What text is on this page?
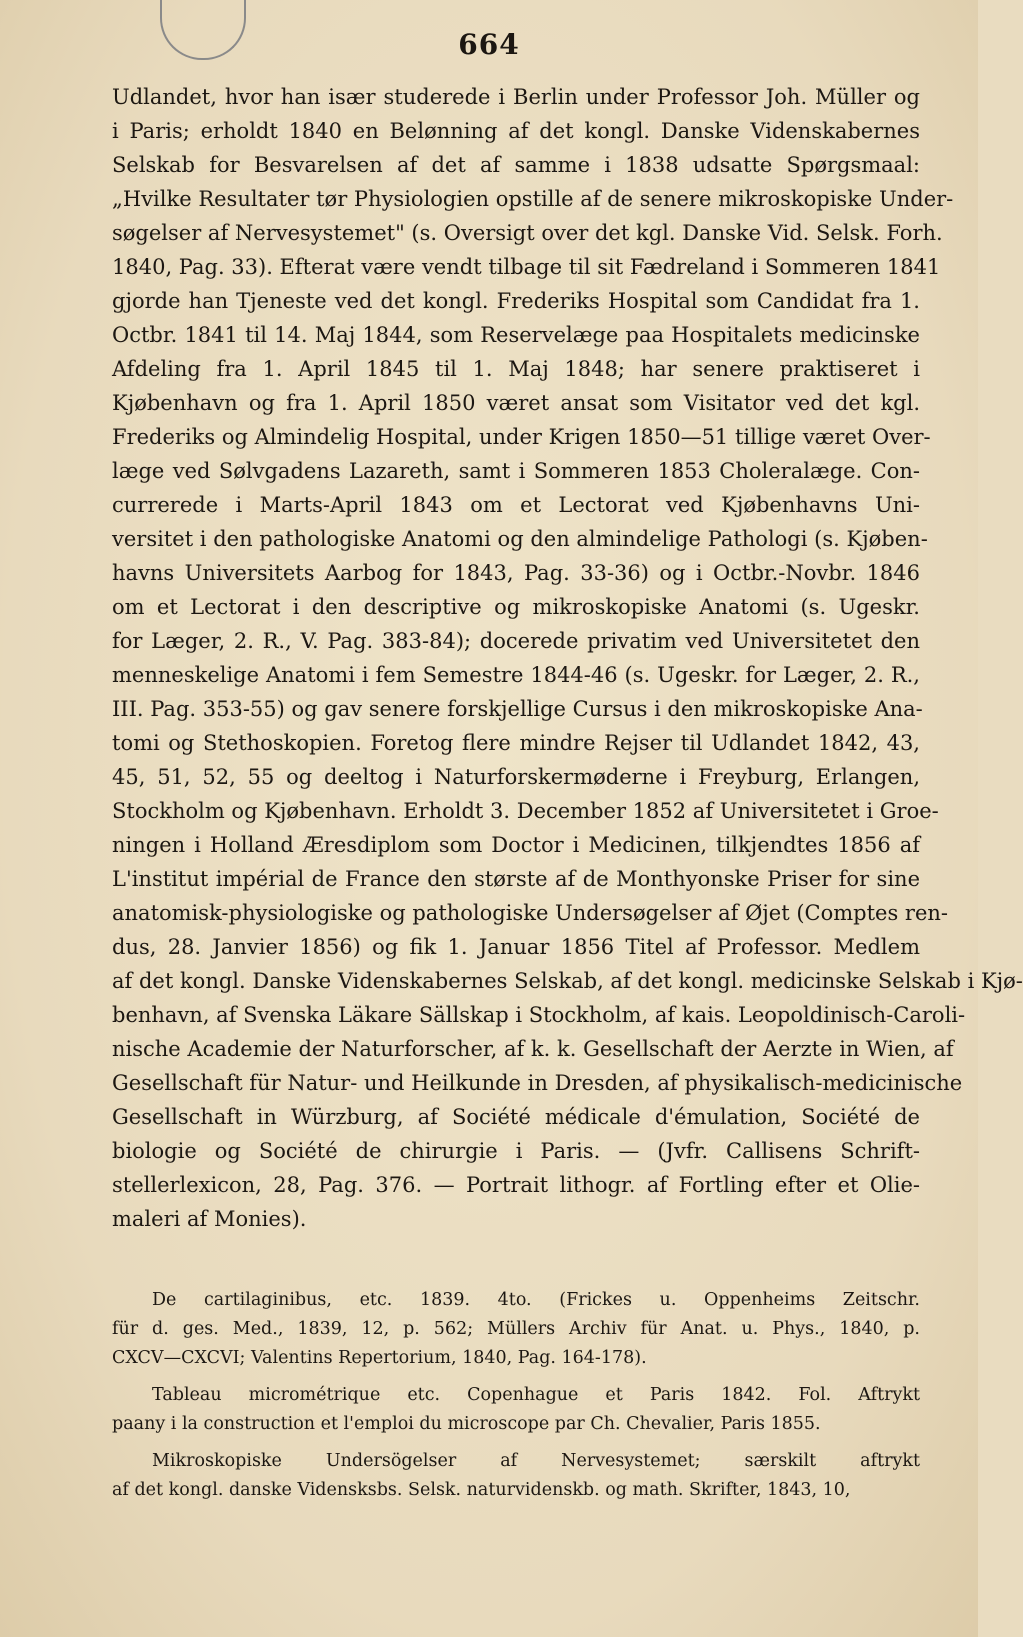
664
Udlandet, hvor han især studerede i Berlin under Professor Joh. Müller og
i Paris; erholdt 1840 en Belønning af det kongl. Danske Videnskabernes
Selskab for Besvarelsen af det af samme i 1838 udsatte Spørgsmaal:
„Hvilke Resultater tør Physiologien opstille af de senere mikroskopiske Under-
søgelser af Nervesystemet" (s. Oversigt over det kgl. Danske Vid. Selsk. Forh.
1840, Pag. 33). Efterat være vendt tilbage til sit Fædreland i Sommeren 1841
gjorde han Tjeneste ved det kongl. Frederiks Hospital som Candidat fra 1.
Octbr. 1841 til 14. Maj 1844, som Reservelæge paa Hospitalets medicinske
Afdeling fra 1. April 1845 til 1. Maj 1848; har senere praktiseret i
Kjøbenhavn og fra 1. April 1850 været ansat som Visitator ved det kgl.
Frederiks og Almindelig Hospital, under Krigen 1850—51 tillige været Over-
læge ved Sølvgadens Lazareth, samt i Sommeren 1853 Choleralæge. Con-
currerede i Marts-April 1843 om et Lectorat ved Kjøbenhavns Uni-
versitet i den pathologiske Anatomi og den almindelige Pathologi (s. Kjøben-
havns Universitets Aarbog for 1843, Pag. 33-36) og i Octbr.-Novbr. 1846
om et Lectorat i den descriptive og mikroskopiske Anatomi (s. Ugeskr.
for Læger, 2. R., V. Pag. 383-84); docerede privatim ved Universitetet den
menneskelige Anatomi i fem Semestre 1844-46 (s. Ugeskr. for Læger, 2. R.,
III. Pag. 353-55) og gav senere forskjellige Cursus i den mikroskopiske Ana-
tomi og Stethoskopien. Foretog flere mindre Rejser til Udlandet 1842, 43,
45, 51, 52, 55 og deeltog i Naturforskermøderne i Freyburg, Erlangen,
Stockholm og Kjøbenhavn. Erholdt 3. December 1852 af Universitetet i Groe-
ningen i Holland Æresdiplom som Doctor i Medicinen, tilkjendtes 1856 af
L'institut impérial de France den største af de Monthyonske Priser for sine
anatomisk-physiologiske og pathologiske Undersøgelser af Øjet (Comptes ren-
dus, 28. Janvier 1856) og fik 1. Januar 1856 Titel af Professor. Medlem
af det kongl. Danske Videnskabernes Selskab, af det kongl. medicinske Selskab i Kjø-
benhavn, af Svenska Läkare Sällskap i Stockholm, af kais. Leopoldinisch-Caroli-
nische Academie der Naturforscher, af k. k. Gesellschaft der Aerzte in Wien, af
Gesellschaft für Natur- und Heilkunde in Dresden, af physikalisch-medicinische
Gesellschaft in Würzburg, af Société médicale d'émulation, Société de
biologie og Société de chirurgie i Paris. — (Jvfr. Callisens Schrift-
stellerlexicon, 28, Pag. 376. — Portrait lithogr. af Fortling efter et Olie-
maleri af Monies).
De cartilaginibus, etc. 1839. 4to. (Frickes u. Oppenheims Zeitschr.
für d. ges. Med., 1839, 12, p. 562; Müllers Archiv für Anat. u. Phys., 1840, p.
CXCV—CXCVI; Valentins Repertorium, 1840, Pag. 164-178).
Tableau micrométrique etc. Copenhague et Paris 1842. Fol. Aftrykt
paany i la construction et l'emploi du microscope par Ch. Chevalier, Paris 1855.
Mikroskopiske Undersögelser af Nervesystemet; særskilt aftrykt
af det kongl. danske Vidensksbs. Selsk. naturvidenskb. og math. Skrifter, 1843, 10,
